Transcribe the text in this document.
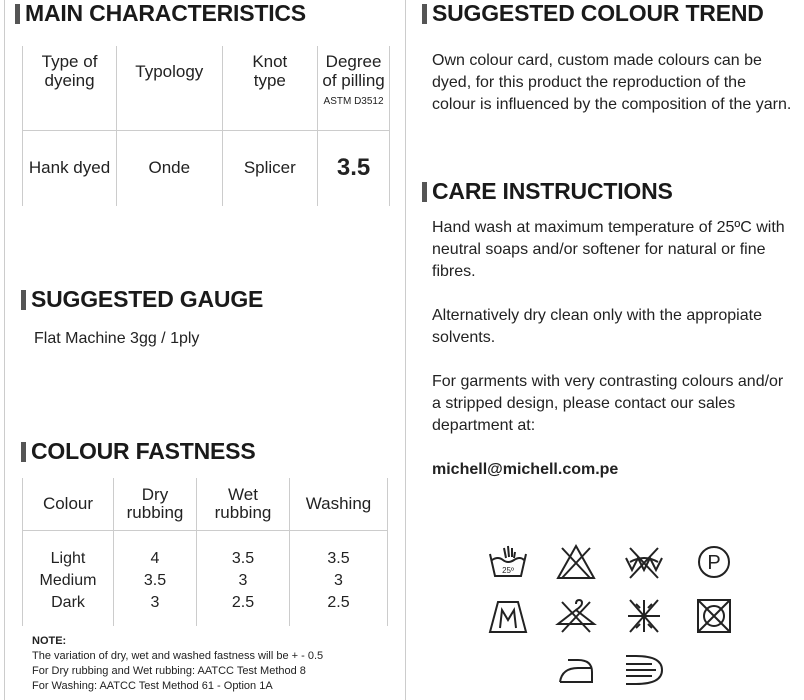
MAIN CHARACTERISTICS
Type of dyeing	Typology	Knot type	Degree of pilling
ASTM D3512

Hank dyed	Onde	Splicer	3.5
SUGGESTED GAUGE
Flat Machine 3gg / 1ply
COLOUR FASTNESS
Colour	Dry rubbing	Wet rubbing	Washing

Light	4	3.5	3.5
Medium	3.5	3	3
Dark	3	2.5	2.5

NOTE:
The variation of dry, wet and washed fastness will be + - 0.5
For Dry rubbing and Wet rubbing: AATCC Test Method 8
For Washing: AATCC Test Method 61 - Option 1A
SUGGESTED COLOUR TREND
Own colour card, custom made colours can be dyed, for this product the reproduction of the colour is influenced by the composition of the yarn.
CARE INSTRUCTIONS
Hand wash at maximum temperature of 25ºC with neutral soaps and/or softener for natural or fine fibres.
Alternatively dry clean only with the appropiate solvents.
For garments with very contrasting colours and/or a stripped design, please contact our sales department at:
michell@michell.com.pe
25º	P
